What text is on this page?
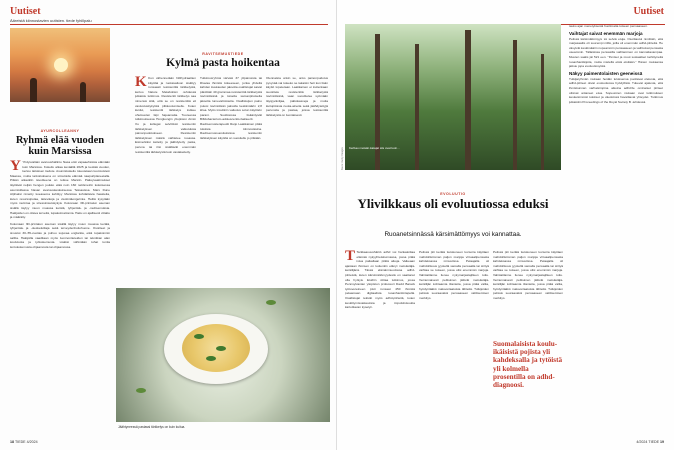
Uutiset
Ääreistä kiinnostavien uutisten. tiede fyhillpalu
AYURCOLLEANNY
Ryhmä elää vuoden kuin Marsissa
Y Yhdysvaltain avaruushallinto Nasa etsii vapaaehtoisia elämään kuin Marsissa. Kokeilu alkaa keväällä 2025 ja kestää vuoden, kertoo laitoksen tiedote. Asumiskokeilu toteutetaan tuomioistein Maassa, mutta tarkoituksena on simuloida elämää naapuriplaneetalla. Pitkän aikavälin tavoitteena on retkue Marsiin. Pääsyvaatimukset täyttävät neljän hengen joukko elää noin 160 neliömetrin kokoisessa asumistilassa Nasan avaruuskeskuksessa Teksasissa. Mars Dune Alphaksi nimetty koeasema kehittyy Marsissa kohdattavia haasteita, kuten resurssipulaa, laitevikoja ja viestintäongelmia. Heiltä kysytään myös ravintoa ja stressinsietokykyä. Kokonaan 3D-printatun aseman sisällä täytyy muun muassa kerätä, tyhjentää- ja -ravitsemuksia. Hakijoiden on oltava terveitä, tupakoimattomia. Haku on ajallisesti viitattu ja määrätty.

Kokonaan 3D-printatun aseman sisällä täytyy muun muassa kerätä, tyhjentää- ja -oleskelutilaja sekä terveydenhoitohuone. Osoitteet ja sivustot 30–55-vuotias ja puhuu sujuvaa englantia, eikä tupakoinnin sallita. Hakijoilla vaaditaan myös luonnontieteiden tai tekniikan alan koulutusta ja työkokemusta. Lisäksi vähintään tuhat tuntia lentokokemusta ohjaamosta tai ohjaamossa.

RAVITSEMUSTIEDE
Kylmä pasta hoikentaa
K Kun vähennetään hiilihydraattien käyttöä ja ruokavalioon sisältyy runsaasti resistenttiä tärkkelystä, kertoo Nature Metabolism -lehdessä julkaistu tutkimus. Resistentti tärkkelys saa nimensä siitä, että se on resistenttiä eli vastustuskykyistä pilkkoutumiselle. Kuten kuidut, resistentti tärkkelys kulkee ohutsuolen läpi hajoamatta. Tuoreessa tutkimuksessa Hongkongin yliopiston Aimin Xu ja kollegat selvittivät resistentin tärkkelyksen vaikutuksia painonpudotukseen. Resistentin tärkkelyksen määrä vaihtelee ruoassa. Esimerkiksi keitetty ja jäähdytetty pasta, peruna tai riisi sisältävät enemmän resistenttiä tärkkelystä kuin vastakeitetty.
Tutkimusryhmä värväsi 37 ylipainoista tai lihavaa ihmistä kokeeseen, jonka yhdeltä kahden kuukauden jaksolta osallistujat saivat päivittäin 40 grammaa resistenttiä tärkkelystä ravintolisänä ja toiselta samanpituiselta jaksolta lumevalmistetta. Osallistujien paino putosi ravintolisän jaksolla keskimäärin 2,8 kiloa. Myös insuliinin vaikutus solun käyttöön parani. Suolistossa lisääntyivät Bifidobacterium-adolescentis-bakteerit. Ravitsemusterapeutti Reijo Laatikainen pitää tuloksia kiinnostavina. Ravitsemussuosituksissa resistentin tärkkelyksen käyttöä on suositeltu jo pitkään.
Olennaista onkin se, onko painonpudotus pysyvää vai tuleeko se takaisin heti kun lisän käyttö lopetetaan. Laatikainen ei kuitenkaan suosittele resistenttiä tärkkelystä ravintolisänä, vaan suosittelee syömään täysjyväviljaa, palkokasveja ja muita kuitupitoisia ruoka-aineita sekä jäähdytettyjä perunoita ja pastaa, joissa resistenttiä tärkkelystä on luontaisesti.
Jäähtyneessä pastassi tärkkelys on kuin kuitua.
18 TIEDE 4/2024
Uutiset
Kerbau metsän katajat siis ovat kuin...
Kuva: Getty Images
EVOLUUTIO
Ylivilkkaus oli evoluutiossa eduksi
Ruoanetsinnässä kärsimättömyys voi kannattaa.
T Tarkkaavuushäiriö adhd voi hankaloittaa elämää nykyyhteiskunnassa, jossa pitää istua paikallaan pitkiä aikoja. Vaikeaan ajastaan ihmisen on kuitenkin elänyt metsästäjä-keräilijänä. Tässä elämänmuodossa adhd-piirteistä, kuten kärsimättömyydestä on saattanut olla hyötyä. Etuihin viittaa tutkimus, jossa Pennsylvanian yliopiston professori David Barack työtovereineen pisti runsaat 450 ihmistä pelaamaan digitaalista ruoanhankintapeliä. Osallistujat tekivät myös adhd-piirteitä, kuten keskittymisvaikeuksia ja impulsiivisuutta kartoittavan kyselyn.
Pelissä piti kerätä tietokoneen kursoria käyttäen mahdollisimman paljon marjoja virtuaalipensasta kahdeksassa minuutissa. Pelaajalla oli mahdollisuus jyystellä samalla pensaalla tai siirtyä vaihtaa se toiseen, jossa olisi enemmän marjoja. Valintatilanne lienee nykymarjastajilleen tuttu. Verrannaisesti pelikuinen jättivät metsästäjä-keräilijän kohtaamia tilanteita, jossa pitää valita, hyödyntääkö makoonlaatuisia lähteitä. Tutkijoiden pelissä seuraavaksi pensaaseen valtitsemisen merkitys.
Pelissä piti kerätä tietokoneen kursoria käyttäen mahdollisimman paljon marjoja virtuaalipensasta kahdeksassa minuutissa. Pelaajalla oli mahdollisuus jyystellä samalla pensaalla tai siirtyä vaihtaa se toiseen, jossa olisi enemmän marjoja. Valintatilanne lienee nykymarjastajilleen tuttu. Verrannaisesti pelikuinen jättivät metsästäjä-keräilijän kohtaamia tilanteita, jossa pitää valita, hyödyntääkö makoonlaatuisia lähteitä. Tutkijoiden pelissä seuraavaksi pensaaseen valtitsemisen merkitys.
Suomalaisista koulu-ikäisistä pojista yli kahdeksalla ja tytöistä yli kolmella prosentilla on adhd-diagnoosi.

tauko ajan menetyksestä huolimatta toiseen pensaaseen.

Vaihtajat saivat enemmän marjoja

Pelissä kärsimättömyys toi selviä etuja. Osoittautui nimittäin, että marjasaaliis oli suurempi niillä, joilla oli enemmän adhd-piirteitä. He väsyivät keskimäärin nopeammin pensaaseen ja vaihtoivat pensasta useammin. Tällaisissa pensasilla vaihtaminen on kannattavampaa. Muuten saalis jäi 521 een. "Ihmiset ja muut sosiaaliset kehittyneitä ruoanhankkijoita, mutta mielellä etsiä etsitään." Hänen mukaansa jatkuu jopa evoluutiosyistä.

Näkyy paimentolaisten geeneissä

Tutkijaryhmän mukaan heidän tuloksensa puoltavat oletusta, että adhd-piirteet olivat evoluutiossa hyödyllisiä. Tukevat ajatusta, että ihmiskunnan varhaisimpina aikoina adhd:lle ominaiset piirteet olisivat antaneet etua. Sopeumien mukaan ovat tutkimuksen keskeisimmät tulokset ja väestössä havaittavat yhteydet. Tutkimus julkaistiin Proceedings of the Royal Society B -lehdessä.

4/2024 TIEDE 19
